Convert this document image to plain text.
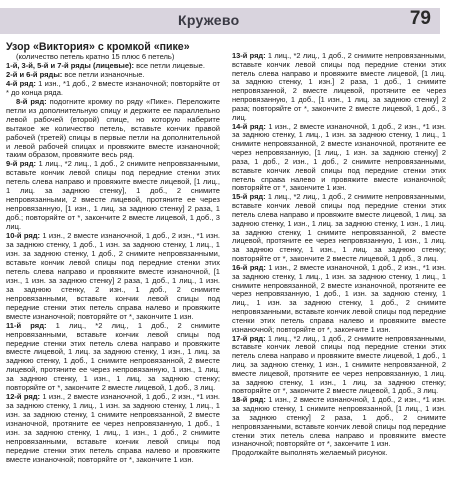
Кружево	79
Узор «Виктория» с кромкой «пике»

(количество петель кратно 15 плюс 6 петель)

1-й, 3-й, 5-й и 7-й ряды (лицевые): все петли лицевые.

2-й и 6-й ряды: все петли изнаночные.

4-й ряд: 1 изн., *1 доб., 2 вместе изнаночной; повторяйте от * до конца ряда.

8-й ряд: подогните кромку по ряду «Пике». Переложите петли из дополнительную спицу и держите ее параллельно левой рабочей (второй) спице, но которую наберите вытакое же количество петель, вставьте кончик правой рабочей (третей) спицы в первые петли на дополнительной и левой рабочей спицах и провяжите вместе изнаночной; таким образом, провяжите весь ряд.

9-й ряд: 1 лиц., *2 лиц., 1 доб., 2 снимите непровязанными, вставьте кончик левой спицы под передние стенки этих петель слева направо и провяжите вместе лицевой, [1 лиц., 1 лиц. за заднюю стенку], 1 доб., 2 снимите непровязанными, 2 вместе лицевой, протяните ее через непровязанную, [1 изн., 1 лиц. за заднюю стенку] 2 раза, 1 доб.; повторяйте от *, закончите 2 вместе лицевой, 1 доб., 3 лиц.

10-й ряд: 1 изн., 2 вместе изнаночной, 1 доб., 2 изн., *1 изн. за заднюю стенку, 1 доб., 1 изн. за заднюю стенку, 1 лиц., 1 изн. за заднюю стенку, 1 доб., 2 снимите непровязанными, вставьте кончик левой спицы под передние стенки этих петель слева направо и провяжите вместе изнаночной, [1 изн., 1 изн. за заднюю стенку] 2 раза, 1 доб., 1 лиц., 1 изн. за заднюю стенку, 2 изн., 1 доб., 2 снимите непровязанными, вставьте кончик левой спицы под передние стенки этих петель справа налево и провяжите вместе изнаночной; повторяйте от *, закончите 1 изн.

11-й ряд: 1 лиц., *2 лиц., 1 доб., 2 снимите непровязанными, вставьте кончик левой спицы под передние стенки этих петель слева направо и провяжите вместе лицевой, 1 лиц. за заднюю стенку, 1 изн., 1 лиц. за заднюю стенку, 1 доб., 1 снимите непровязанной, 2 вместе лицевой, протяните ее через непровязанную, 1 изн., 1 лиц. за заднюю стенку, 1 изн., 1 лиц. за заднюю стенку; повторяйте от *, закончите 2 вместе лицевой, 1 доб., 3 лиц.

12-й ряд: 1 изн., 2 вместе изнаночной, 1 доб., 2 изн., *1 изн. за заднюю стенку, 1 лиц., 1 изн. за заднюю стенку, 1 лиц., 1 изн. за заднюю стенку, 1 снимите непровязанной, 2 вместе изнаночной, протяните ее через непровязанную, 1 доб., 1 изн. за заднюю стенку, 1 лиц., 1 изн., 1 доб., 2 снимите непровязанными, вставьте кончик левой спицы под передние стенки этих петель справа налево и провяжите вместе изнаночной; повторяйте от *, закончите 1 изн.

13-й ряд: 1 лиц., *2 лиц., 1 доб., 2 снимите непровязанными, вставьте кончик левой спицы под передние стенки этих петель слева направо и провяжите вместе лицевой, [1 лиц. за заднюю стенку, 1 изн.] 2 раза, 1 доб., 1 снимите непровязанной, 2 вместе лицевой, протяните ее через непровязанную, 1 доб., [1 изн., 1 лиц. за заднюю стенку] 2 раза; повторяйте от *, закончите 2 вместе лицевой, 1 доб., 3 лиц.

14-й ряд: 1 изн., 2 вместе изнаночной, 1 доб., 2 изн., *1 изн. за заднюю стенку, 1 лиц., 1 изн. за заднюю стенку, 1 лиц., 1 снимите непровязанной, 2 вместе изнаночной, протяните ее через непровязанную, [1 лиц., 1 изн. за заднюю стенку] 2 раза, 1 доб., 2 изн., 1 доб., 2 снимите непровязанными, вставьте кончик левой спицы под передние стенки этих петель справа налево и провяжите вместе изнаночной; повторяйте от *, закончите 1 изн.

15-й ряд: 1 лиц., *2 лиц., 1 доб., 2 снимите непровязанными, вставьте кончик левой спицы под передние стенки этих петель слева направо и провяжите вместе лицевой, 1 лиц. за заднюю стенку, 1 изн., 1 лиц. за заднюю стенку, 1 изн., 1 лиц. за заднюю стенку, 1 снимите непровязанной, 2 вместе лицевой, протяните ее через непровязанную, 1 изн., 1 лиц. за заднюю стенку, 1 изн., 1 лиц. за заднюю стенку; повторяйте от *, закончите 2 вместе лицевой, 1 доб., 3 лиц.

16-й ряд: 1 изн., 2 вместе изнаночной, 1 доб., 2 изн., *1 изн. за заднюю стенку, 1 лиц., 1 изн. за заднюю стенку, 1 лиц., 1 снимите непровязанной, 2 вместе изнаночной, протяните ее через непровязанную, 1 доб., 1 изн. за заднюю стенку, 1 лиц., 1 изн. за заднюю стенку, 1 доб., 2 снимите непровязанными, вставьте кончик левой спицы под передние стенки этих петель справа налево и провяжите вместе изнаночной; повторяйте от *, закончите 1 изн.

17-й ряд: 1 лиц., *2 лиц., 1 доб., 2 снимите непровязанными, вставьте кончик левой спицы под передние стенки этих петель слева направо и провяжите вместе лицевой, 1 доб., 1 лиц. за заднюю стенку, 1 изн., 1 снимите непровязанной, 2 вместе лицевой, протяните ее через непровязанную, 1 лиц. за заднюю стенку, 1 изн., 1 лиц. за заднюю стенку; повторяйте от *, закончите 2 вместе лицевой, 1 доб., 3 лиц.

18-й ряд: 1 изн., 2 вместе изнаночной, 1 доб., 2 изн., *1 изн. за заднюю стенку, 1 снимите непровязанной, [1 лиц., 1 изн. за заднюю стенку] 2 раза, 1 доб., 2 снимите непровязанными, вставьте кончик левой спицы под передние стенки этих петель слева направо и провяжите вместе изнаночной; повторяйте от *, закончите 1 изн.

Продолжайте выполнять желаемый рисунок.
